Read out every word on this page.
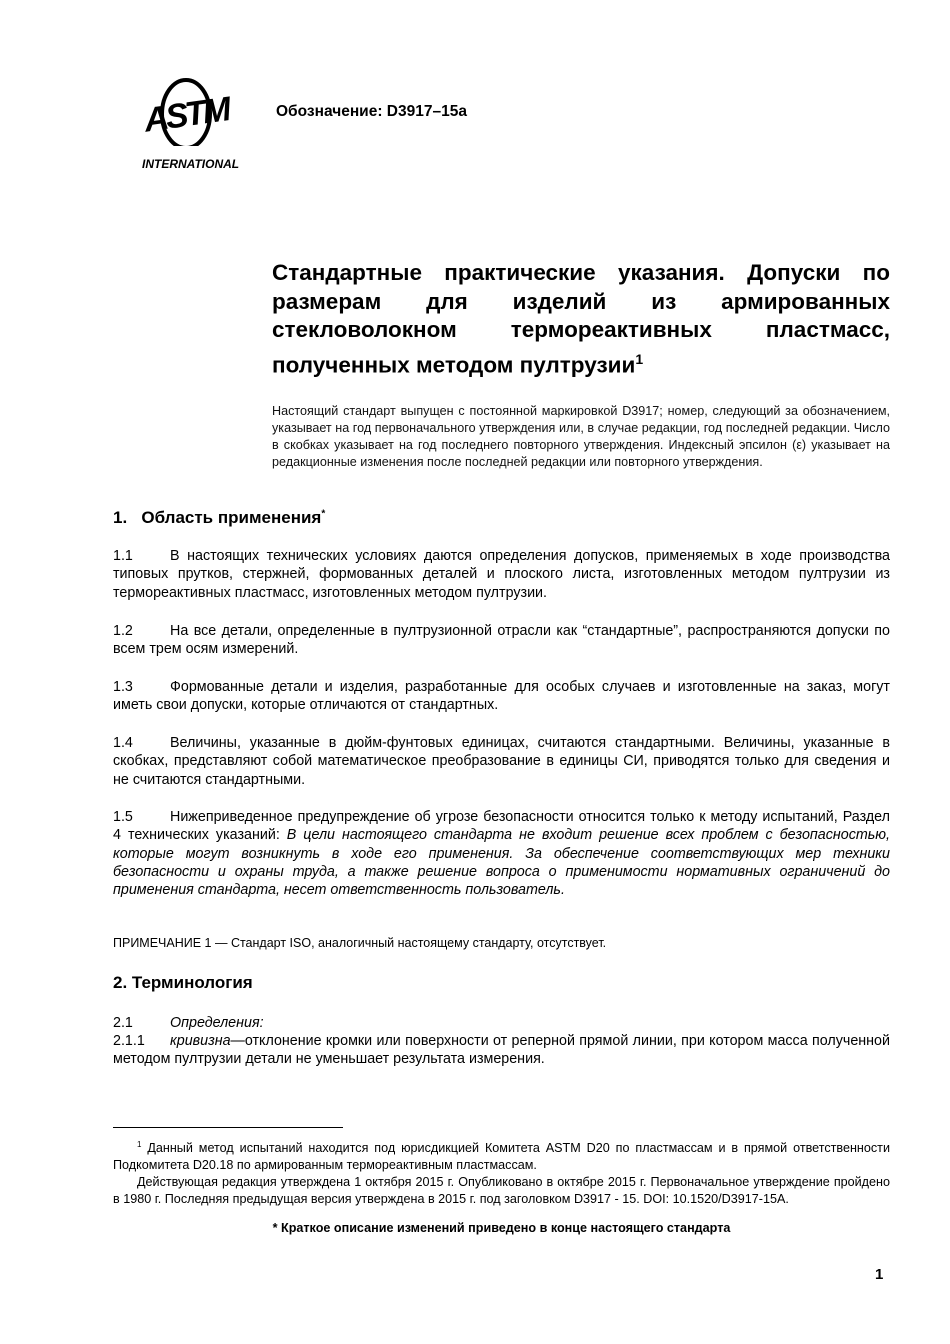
ASTM
INTERNATIONAL
Обозначение: D3917–15a
Стандартные практические указания. Допуски по размерам для изделий из армированных стекловолокном термореактивных пластмасс, полученных методом пултрузии$^1$

Настоящий стандарт выпущен с постоянной маркировкой D3917; номер, следующий за обозначением, указывает на год первоначального утверждения или, в случае редакции, год последней редакции. Число в скобках указывает на год последнего повторного утверждения. Индексный эпсилон (ε) указывает на редакционные изменения после последней редакции или повторного утверждения.

1.   Область применения*

1.1	В настоящих технических условиях даются определения допусков, применяемых в ходе производства типовых прутков, стержней, формованных деталей и плоского листа, изготовленных методом пултрузии из термореактивных пластмасс, изготовленных методом пултрузии.

1.2	На все детали, определенные в пултрузионной отрасли как “стандартные”, распространяются допуски по всем трем осям измерений.

1.3	Формованные детали и изделия, разработанные для особых случаев и изготовленные на заказ, могут иметь свои допуски, которые отличаются от стандартных.

1.4	Величины, указанные в дюйм-фунтовых единицах, считаются стандартными. Величины, указанные в скобках, представляют собой математическое преобразование в единицы СИ, приводятся только для сведения и не считаются стандартными.

1.5	Нижеприведенное предупреждение об угрозе безопасности относится только к методу испытаний, Раздел 4 технических указаний: В цели настоящего стандарта не входит решение всех проблем с безопасностью, которые могут возникнуть в ходе его применения. За обеспечение соответствующих мер техники безопасности и охраны труда, а также решение вопроса о применимости нормативных ограничений до применения стандарта, несет ответственность пользователь.

ПРИМЕЧАНИЕ 1 — Стандарт ISO, аналогичный настоящему стандарту, отсутствует.
2. Терминология

2.1	Определения:

2.1.1 кривизна—отклонение кромки или поверхности от реперной прямой линии, при котором масса полученной методом пултрузии детали не уменьшает результата измерения.

$^1$ Данный метод испытаний находится под юрисдикцией Комитета ASTM D20 по пластмассам и в прямой ответственности Подкомитета D20.18 по армированным термореактивным пластмассам.
Действующая редакция утверждена 1 октября 2015 г. Опубликовано в октябре 2015 г. Первоначальное утверждение пройдено в 1980 г. Последняя предыдущая версия утверждена в 2015 г. под заголовком D3917 - 15. DOI: 10.1520/D3917-15A.
* Краткое описание изменений приведено в конце настоящего стандарта
1
